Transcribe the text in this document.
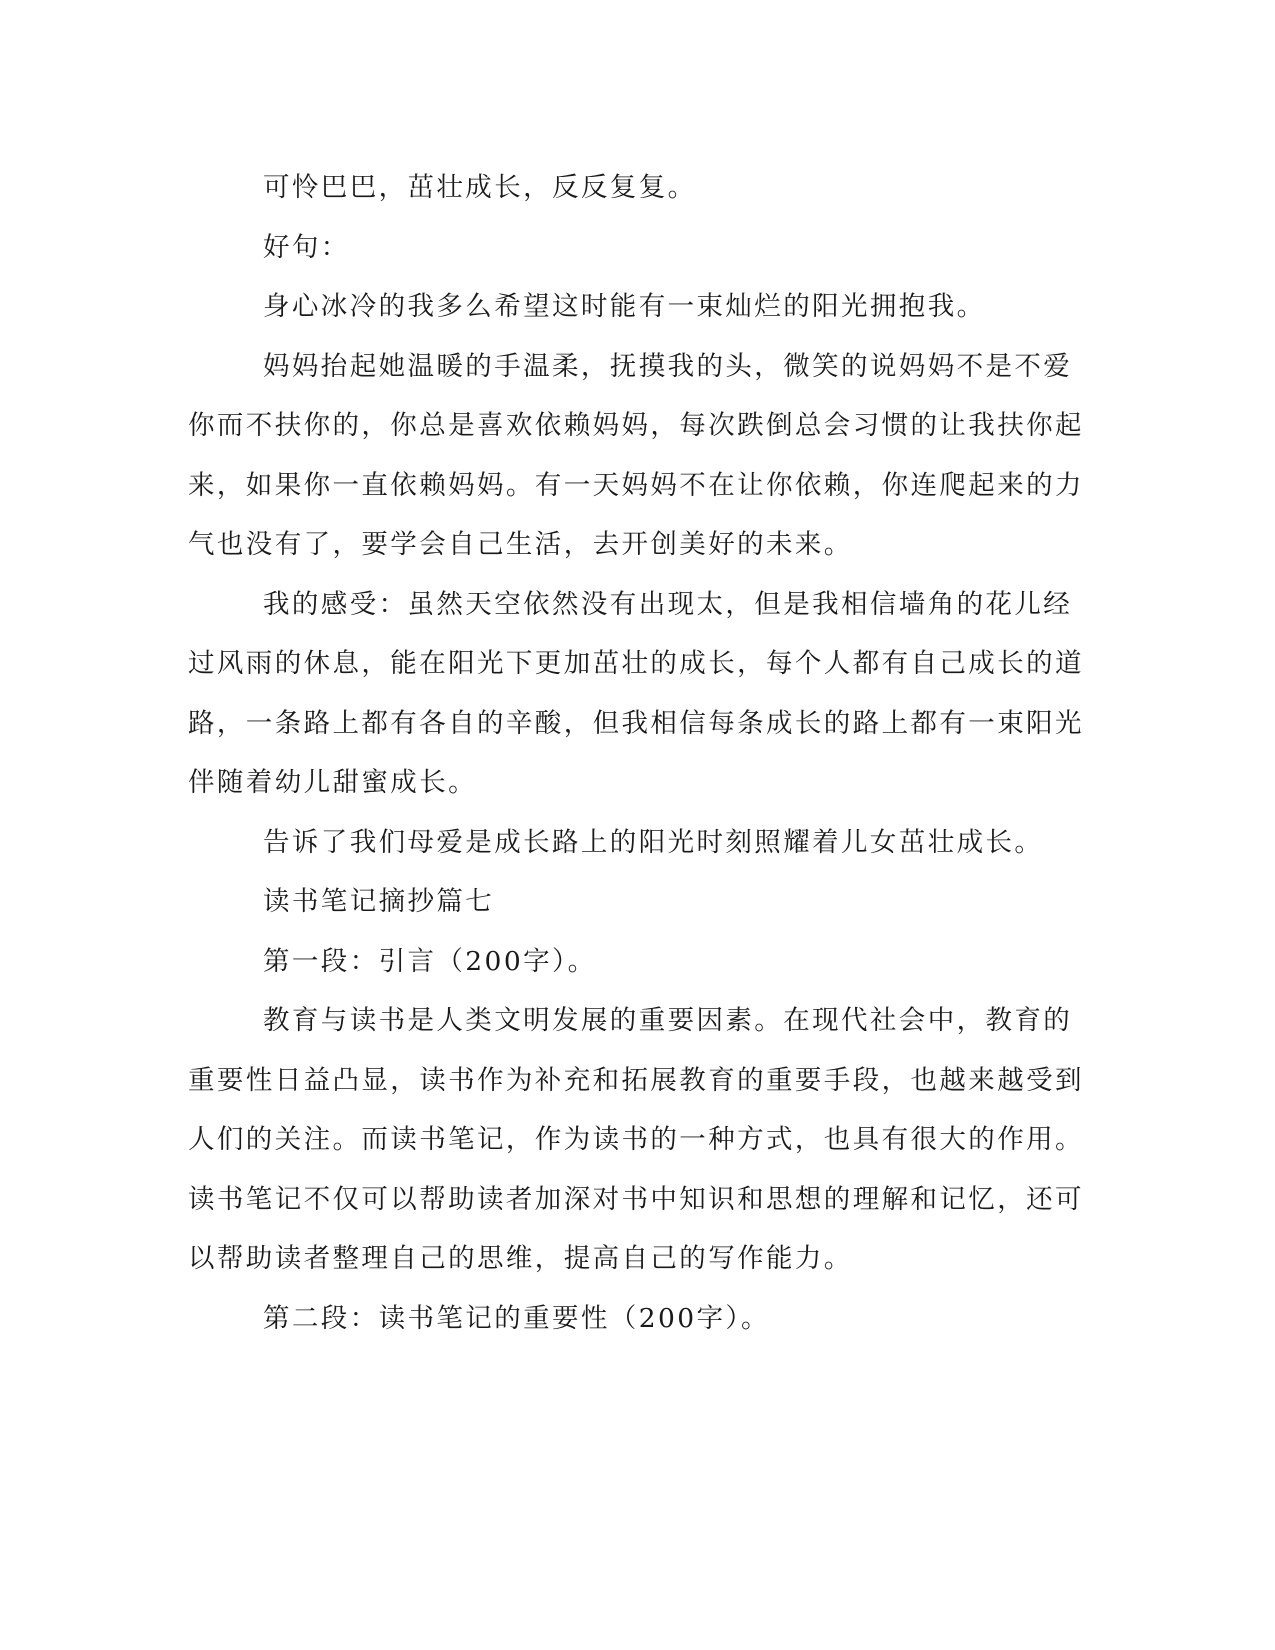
可怜巴巴，茁壮成长，反反复复。

好句：

身心冰冷的我多么希望这时能有一束灿烂的阳光拥抱我。

妈妈抬起她温暖的手温柔，抚摸我的头，微笑的说妈妈不是不爱你而不扶你的，你总是喜欢依赖妈妈，每次跌倒总会习惯的让我扶你起来，如果你一直依赖妈妈。有一天妈妈不在让你依赖，你连爬起来的力气也没有了，要学会自己生活，去开创美好的未来。

我的感受：虽然天空依然没有出现太，但是我相信墙角的花儿经过风雨的休息，能在阳光下更加茁壮的成长，每个人都有自己成长的道路，一条路上都有各自的辛酸，但我相信每条成长的路上都有一束阳光伴随着幼儿甜蜜成长。

告诉了我们母爱是成长路上的阳光时刻照耀着儿女茁壮成长。

读书笔记摘抄篇七

第一段：引言（200字）。

教育与读书是人类文明发展的重要因素。在现代社会中，教育的重要性日益凸显，读书作为补充和拓展教育的重要手段，也越来越受到人们的关注。而读书笔记，作为读书的一种方式，也具有很大的作用。读书笔记不仅可以帮助读者加深对书中知识和思想的理解和记忆，还可以帮助读者整理自己的思维，提高自己的写作能力。

第二段：读书笔记的重要性（200字）。
